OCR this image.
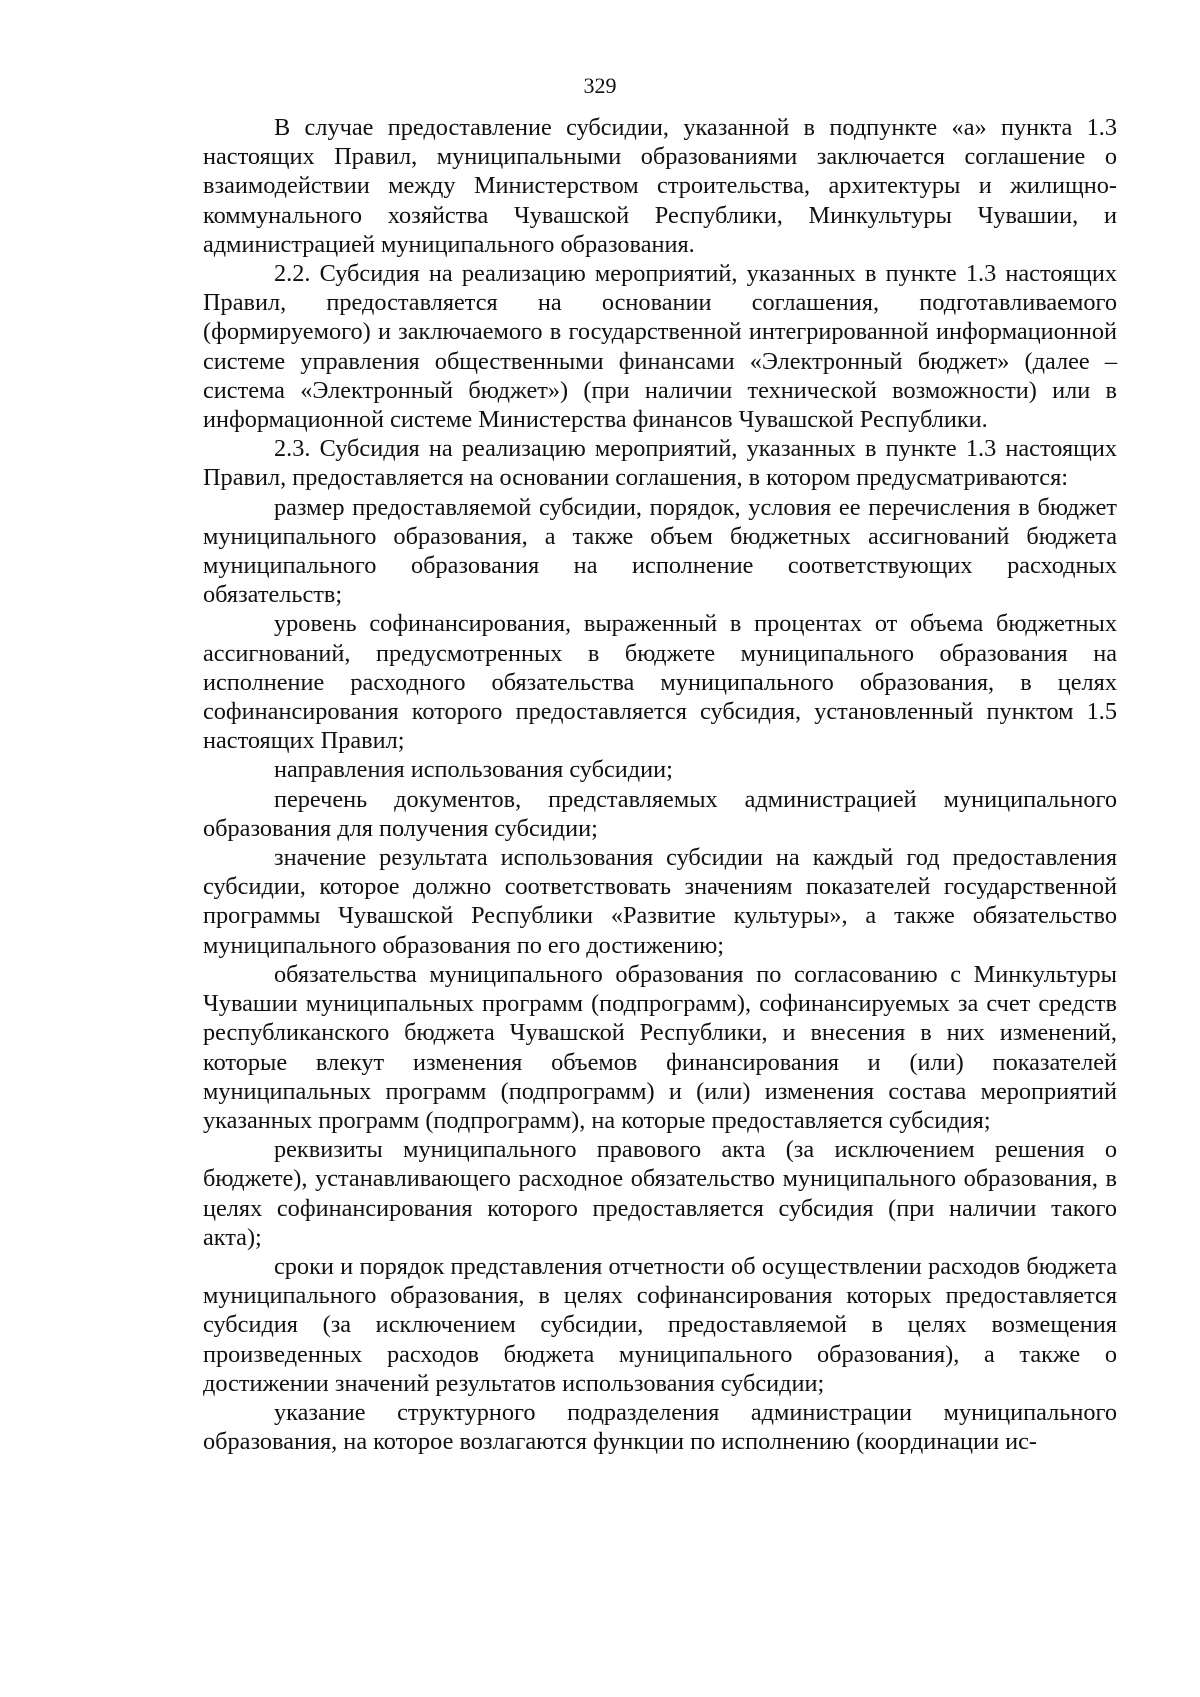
329

В случае предоставление субсидии, указанной в подпункте «а» пункта 1.3 настоящих Правил, муниципальными образованиями заключается соглашение о взаимодействии между Министерством строительства, архитектуры и жилищно-коммунального хозяйства Чувашской Республики, Минкультуры Чувашии, и администрацией муниципального образования.

2.2. Субсидия на реализацию мероприятий, указанных в пункте 1.3 настоящих Правил, предоставляется на основании соглашения, подготавливаемого (формируемого) и заключаемого в государственной интегрированной информационной системе управления общественными финансами «Электронный бюджет» (далее – система «Электронный бюджет») (при наличии технической возможности) или в информационной системе Министерства финансов Чувашской Республики.

2.3. Субсидия на реализацию мероприятий, указанных в пункте 1.3 настоящих Правил, предоставляется на основании соглашения, в котором предусматриваются:

размер предоставляемой субсидии, порядок, условия ее перечисления в бюджет муниципального образования, а также объем бюджетных ассигнований бюджета муниципального образования на исполнение соответствующих расходных обязательств;

уровень софинансирования, выраженный в процентах от объема бюджетных ассигнований, предусмотренных в бюджете муниципального образования на исполнение расходного обязательства муниципального образования, в целях софинансирования которого предоставляется субсидия, установленный пунктом 1.5 настоящих Правил;

направления использования субсидии;

перечень документов, представляемых администрацией муниципального образования для получения субсидии;

значение результата использования субсидии на каждый год предоставления субсидии, которое должно соответствовать значениям показателей государственной программы Чувашской Республики «Развитие культуры», а также обязательство муниципального образования по его достижению;

обязательства муниципального образования по согласованию с Минкультуры Чувашии муниципальных программ (подпрограмм), софинансируемых за счет средств республиканского бюджета Чувашской Республики, и внесения в них изменений, которые влекут изменения объемов финансирования и (или) показателей муниципальных программ (подпрограмм) и (или) изменения состава мероприятий указанных программ (подпрограмм), на которые предоставляется субсидия;

реквизиты муниципального правового акта (за исключением решения о бюджете), устанавливающего расходное обязательство муниципального образования, в целях софинансирования которого предоставляется субсидия (при наличии такого акта);

сроки и порядок представления отчетности об осуществлении расходов бюджета муниципального образования, в целях софинансирования которых предоставляется субсидия (за исключением субсидии, предоставляемой в целях возмещения произведенных расходов бюджета муниципального образования), а также о достижении значений результатов использования субсидии;

указание структурного подразделения администрации муниципального образования, на которое возлагаются функции по исполнению (координации ис-
